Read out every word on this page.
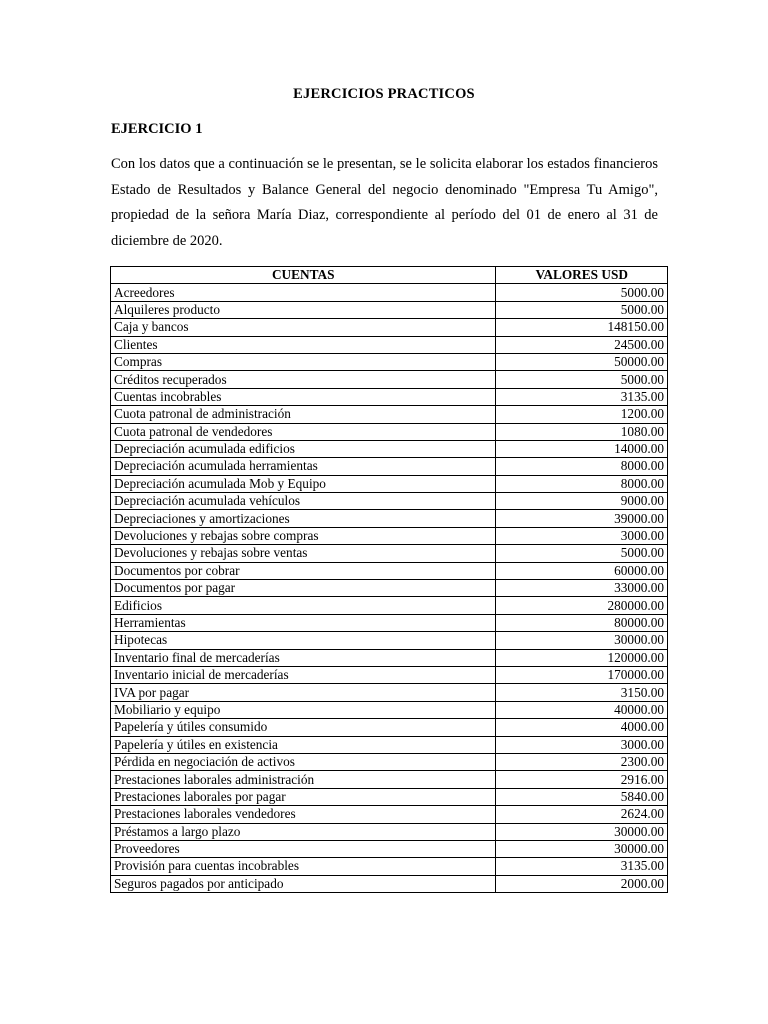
EJERCICIOS PRACTICOS
EJERCICIO 1

Con los datos que a continuación se le presentan, se le solicita elaborar los estados financieros Estado de Resultados y Balance General del negocio denominado "Empresa Tu Amigo", propiedad de la señora María Diaz, correspondiente al período del 01 de enero al 31 de diciembre de 2020.

CUENTAS	VALORES USD
Acreedores	5000.00
Alquileres producto	5000.00
Caja y bancos	148150.00
Clientes	24500.00
Compras	50000.00
Créditos recuperados	5000.00
Cuentas incobrables	3135.00
Cuota patronal de administración	1200.00
Cuota patronal de vendedores	1080.00
Depreciación acumulada edificios	14000.00
Depreciación acumulada herramientas	8000.00
Depreciación acumulada Mob y Equipo	8000.00
Depreciación acumulada vehículos	9000.00
Depreciaciones y amortizaciones	39000.00
Devoluciones y rebajas sobre compras	3000.00
Devoluciones y rebajas sobre ventas	5000.00
Documentos por cobrar	60000.00
Documentos por pagar	33000.00
Edificios	280000.00
Herramientas	80000.00
Hipotecas	30000.00
Inventario final de mercaderías	120000.00
Inventario inicial de mercaderías	170000.00
IVA por pagar	3150.00
Mobiliario y equipo	40000.00
Papelería y útiles consumido	4000.00
Papelería y útiles en existencia	3000.00
Pérdida en negociación de activos	2300.00
Prestaciones laborales administración	2916.00
Prestaciones laborales por pagar	5840.00
Prestaciones laborales vendedores	2624.00
Préstamos a largo plazo	30000.00
Proveedores	30000.00
Provisión para cuentas incobrables	3135.00
Seguros pagados por anticipado	2000.00
